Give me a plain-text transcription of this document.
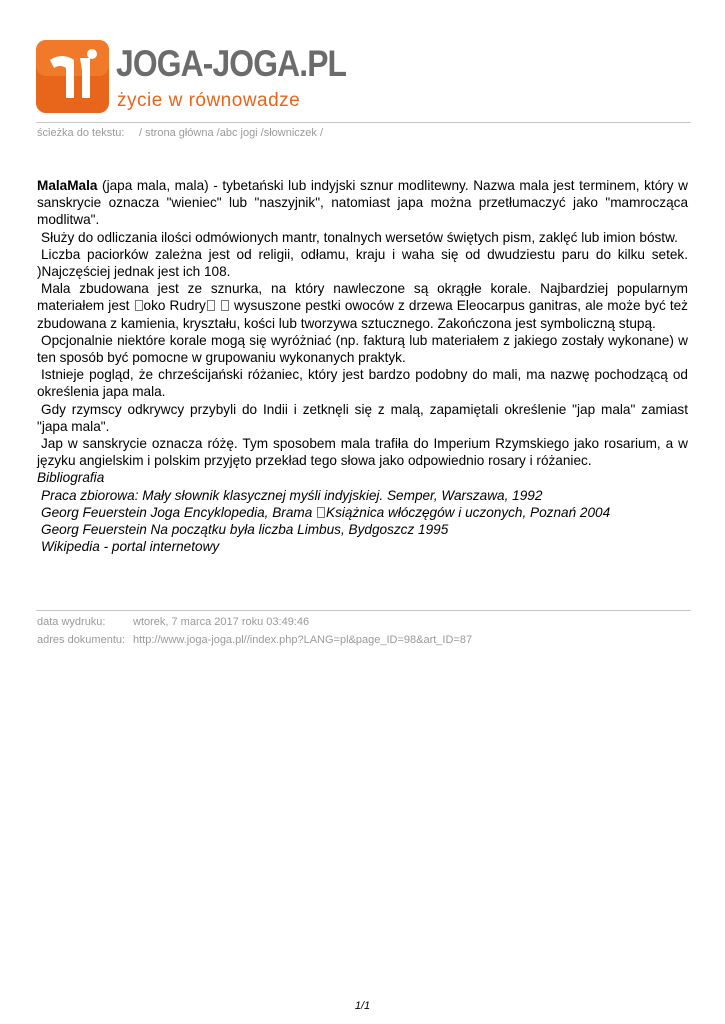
JOGA-JOGA.PL
życie w równowadze
ścieżka do tekstu: / strona główna /abc jogi /słowniczek /

MalaMala (japa mala, mala) - tybetański lub indyjski sznur modlitewny. Nazwa mala jest terminem, który w sanskrycie oznacza "wieniec" lub "naszyjnik", natomiast japa można przetłumaczyć jako "mamrocząca modlitwa".

Służy do odliczania ilości odmówionych mantr, tonalnych wersetów świętych pism, zaklęć lub imion bóstw.

Liczba paciorków zależna jest od religii, odłamu, kraju i waha się od dwudziestu paru do kilku setek. )Najczęściej jednak jest ich 108.

Mala zbudowana jest ze sznurka, na który nawleczone są okrągłe korale. Najbardziej popularnym materiałem jest oko Rudry  wysuszone pestki owoców z drzewa Eleocarpus ganitras, ale może być też zbudowana z kamienia, kryształu, kości lub tworzywa sztucznego. Zakończona jest symboliczną stupą.

Opcjonalnie niektóre korale mogą się wyróżniać (np. fakturą lub materiałem z jakiego zostały wykonane) w ten sposób być pomocne w grupowaniu wykonanych praktyk.

Istnieje pogląd, że chrześcijański różaniec, który jest bardzo podobny do mali, ma nazwę pochodzącą od określenia japa mala.

Gdy rzymscy odkrywcy przybyli do Indii i zetknęli się z malą, zapamiętali określenie "jap mala" zamiast "japa mala".

Jap w sanskrycie oznacza różę. Tym sposobem mala trafiła do Imperium Rzymskiego jako rosarium, a w języku angielskim i polskim przyjęto przekład tego słowa jako odpowiednio rosary i różaniec.

Bibliografia

Praca zbiorowa: Mały słownik klasycznej myśli indyjskiej. Semper, Warszawa, 1992

Georg Feuerstein Joga Encyklopedia, Brama Książnica włóczęgów i uczonych, Poznań 2004

Georg Feuerstein Na początku była liczba Limbus, Bydgoszcz 1995

Wikipedia - portal internetowy

data wydruku:	wtorek, 7 marca 2017 roku 03:49:46
adres dokumentu: http://www.joga-joga.pl//index.php?LANG=pl&page_ID=98&art_ID=87
1/1
